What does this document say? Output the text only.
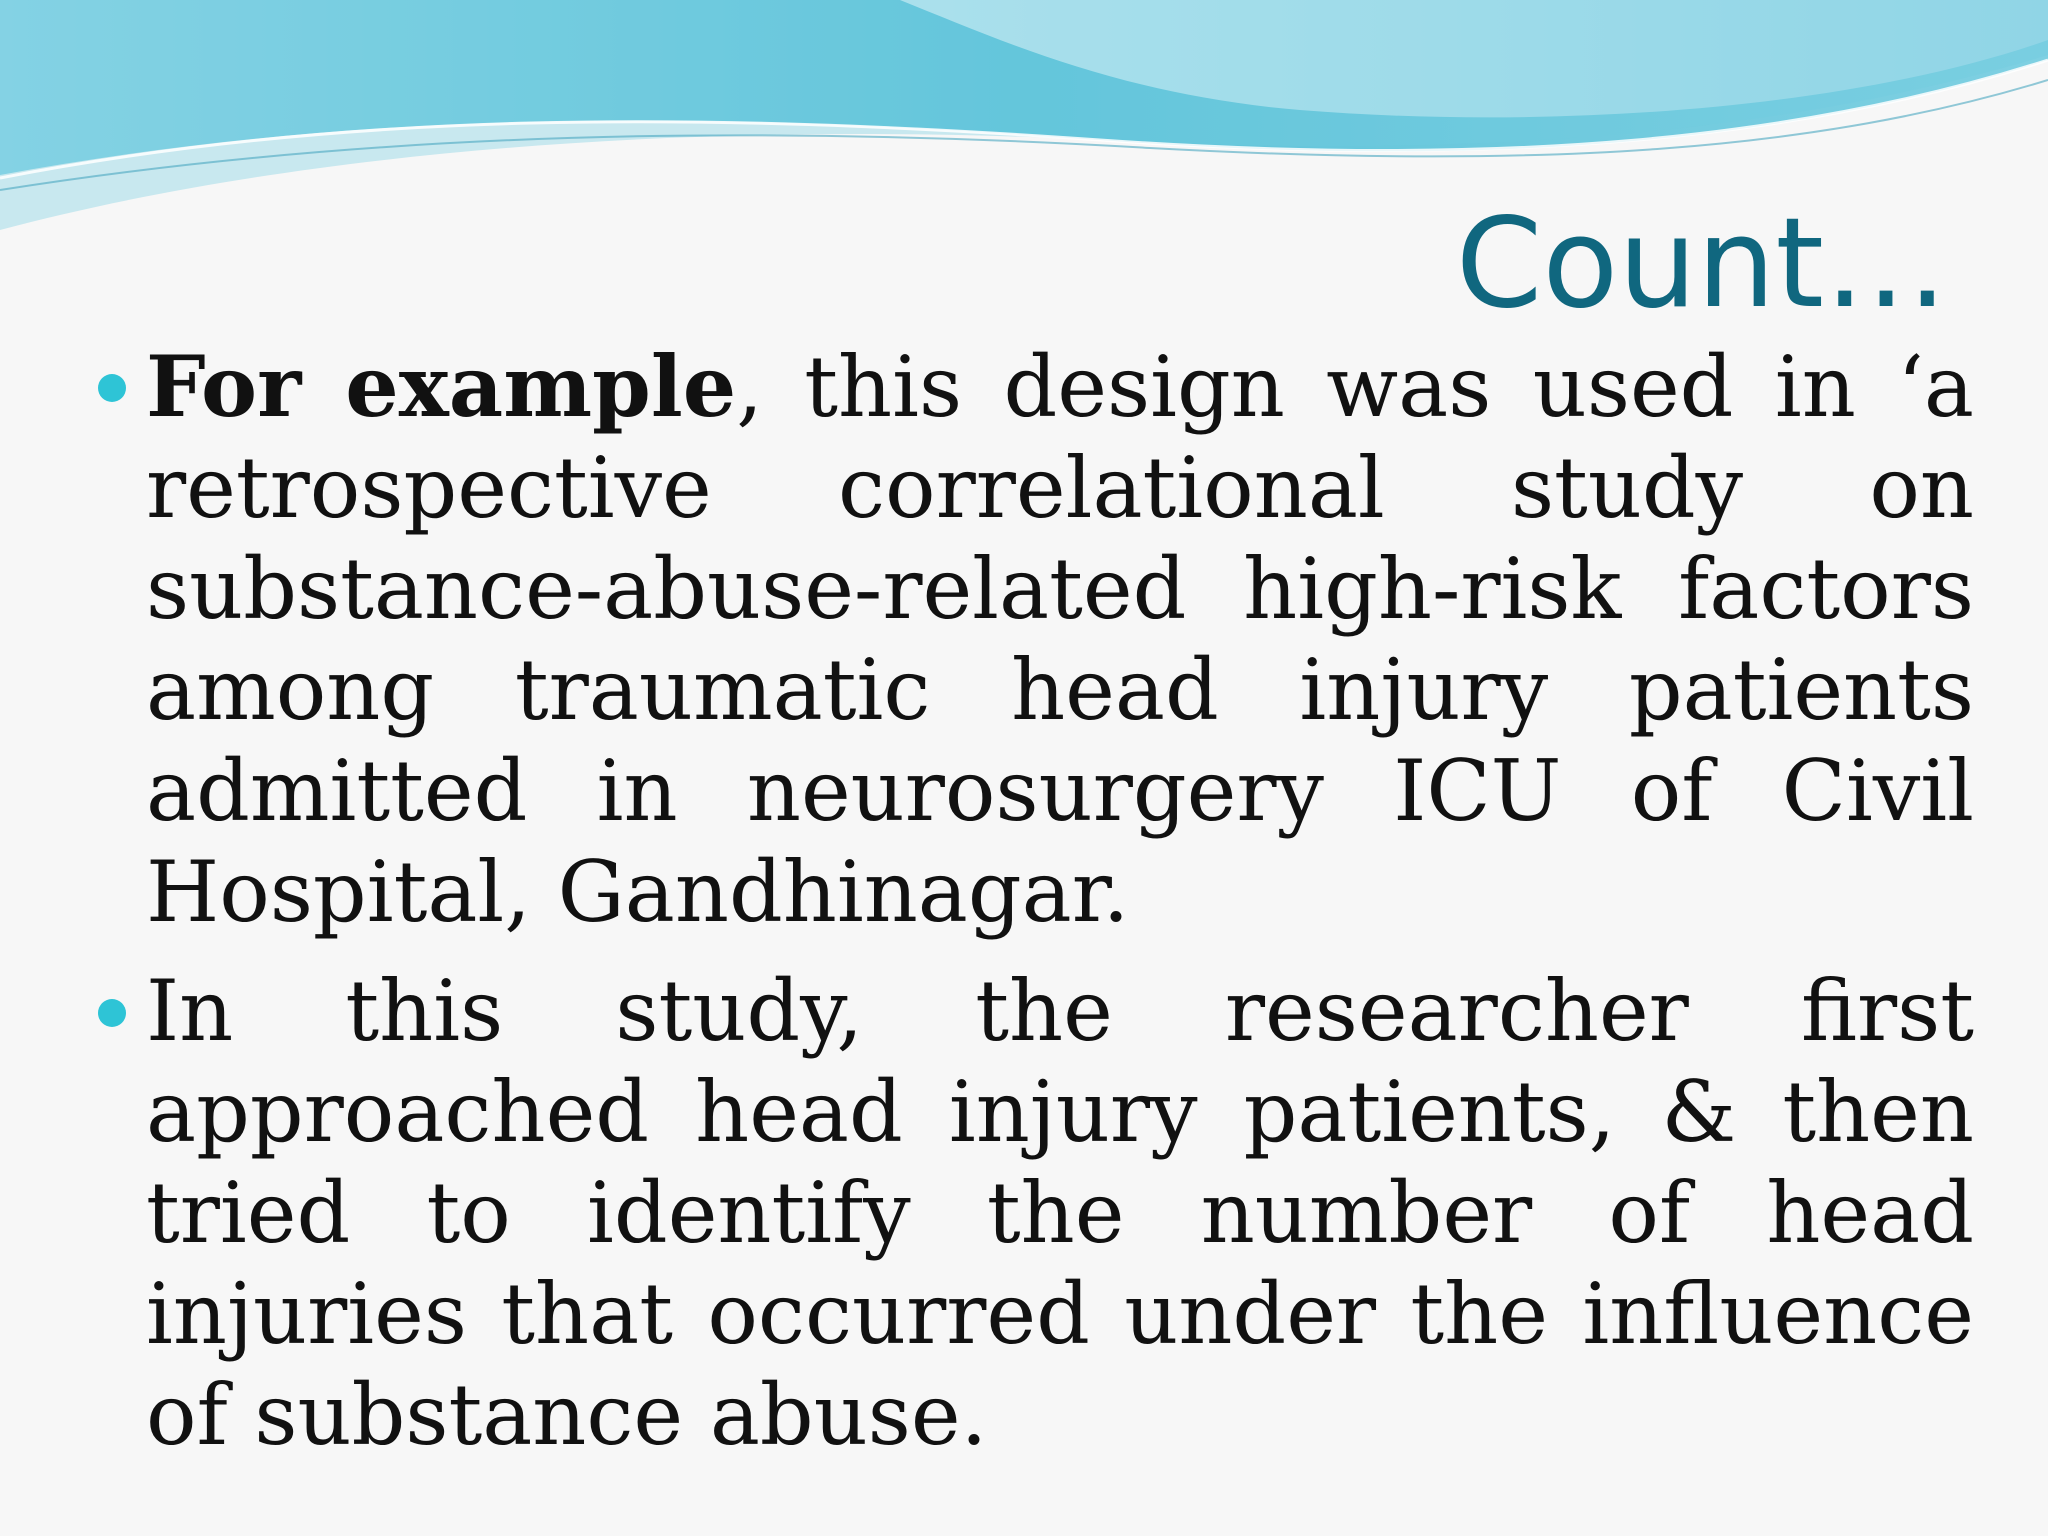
Count…
For example, this design was used in ‘a retrospective correlational study on substance-abuse-related high-risk factors among traumatic head injury patients admitted in neurosurgery ICU of Civil Hospital, Gandhinagar.
In this study, the researcher first approached head injury patients, & then tried to identify the number of head injuries that occurred under the influence of substance abuse.
